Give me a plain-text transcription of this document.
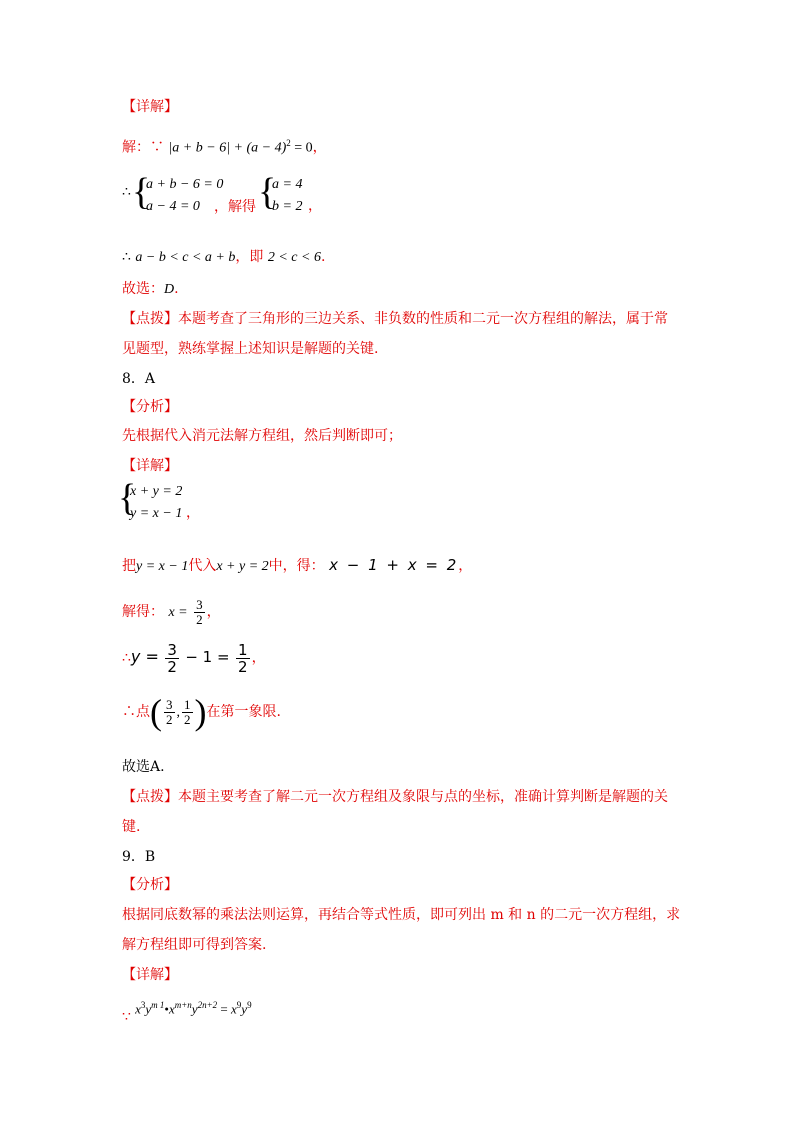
【详解】
解：∵ $|a + b - 6| + (a - 4)^2 = 0$，
∴ {
a + b − 6 = 0
a − 4 = 0 ，解得 {
a = 4
b = 2 ，
∴ a − b < c < a + b，即 2 < c < 6.
故选：D.
【点拨】本题考查了三角形的三边关系、非负数的性质和二元一次方程组的解法，属于常
见题型，熟练掌握上述知识是解题的关键.
8．A
【分析】
先根据代入消元法解方程组，然后判断即可；
【详解】
{
x + y = 2
y = x − 1 ，
把y = x − 1代入x + y = 2中，得： x − 1 + x = 2，
解得： $x = \frac{3}{2}$ ，
∴y = $\frac{3}{2} - 1 = \frac{1}{2}$ ，
∴点( $\frac{3}{2}$ , $\frac{1}{2}$ )在第一象限.
故选A.
【点拨】本题主要考查了解二元一次方程组及象限与点的坐标，准确计算判断是解题的关
键.
9．B
【分析】
根据同底数幂的乘法法则运算，再结合等式性质，即可列出 m 和 n 的二元一次方程组，求
解方程组即可得到答案.
【详解】
∵ $x^3y^{m 1}•x^{m+n}y^{2n+2} = x^9y^9$
